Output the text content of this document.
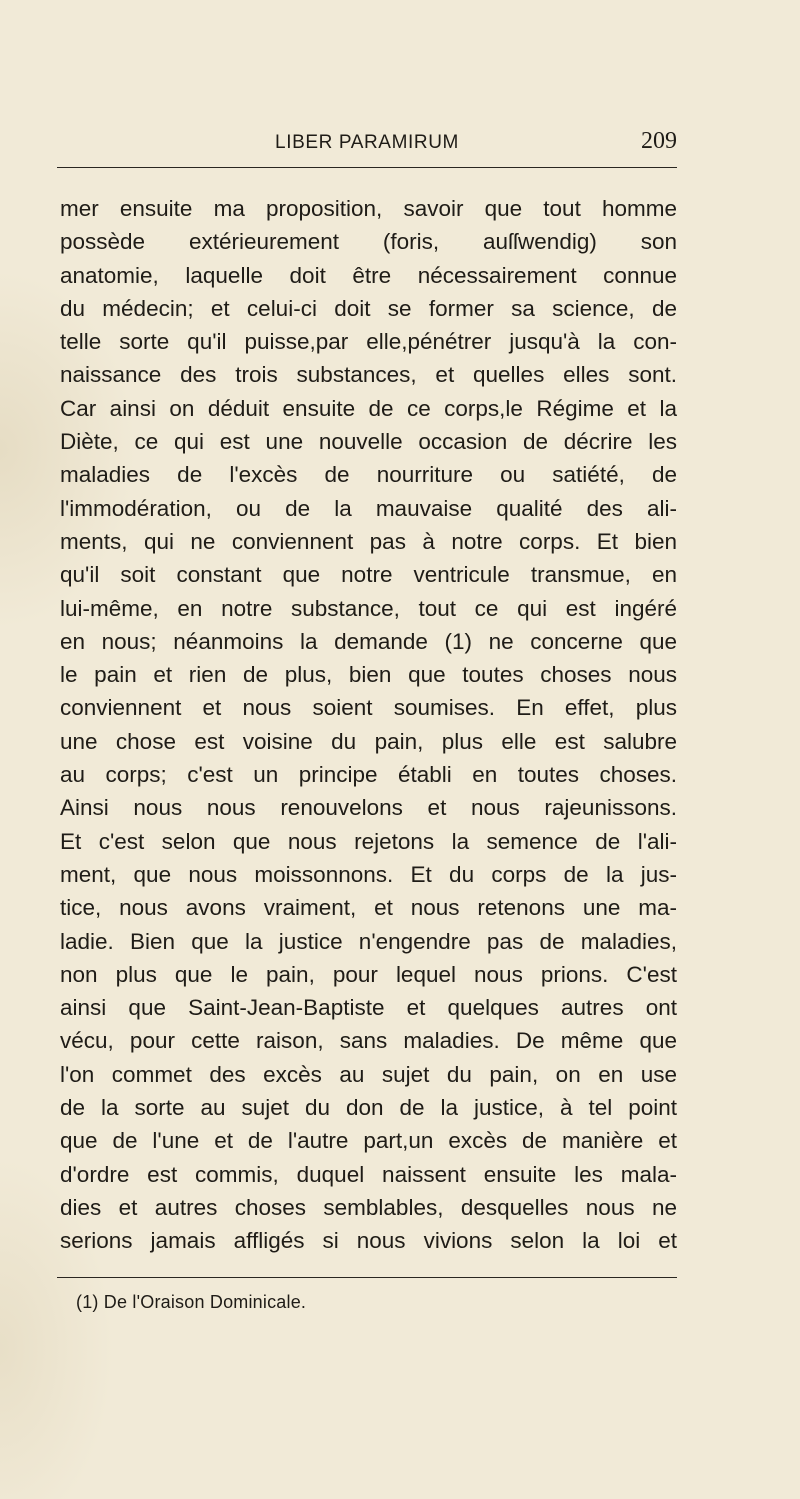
LIBER PARAMIRUM	209
mer ensuite ma proposition, savoir que tout homme
possède extérieurement (foris, auſſwendig) son
anatomie, laquelle doit être nécessairement connue
du médecin; et celui-ci doit se former sa science, de
telle sorte qu'il puisse,par elle,pénétrer jusqu'à la con-
naissance des trois substances, et quelles elles sont.
Car ainsi on déduit ensuite de ce corps,le Régime et la
Diète, ce qui est une nouvelle occasion de décrire les
maladies de l'excès de nourriture ou satiété, de
l'immodération, ou de la mauvaise qualité des ali-
ments, qui ne conviennent pas à notre corps. Et bien
qu'il soit constant que notre ventricule transmue, en
lui-même, en notre substance, tout ce qui est ingéré
en nous; néanmoins la demande (1) ne concerne que
le pain et rien de plus, bien que toutes choses nous
conviennent et nous soient soumises. En effet, plus
une chose est voisine du pain, plus elle est salubre
au corps; c'est un principe établi en toutes choses.
Ainsi nous nous renouvelons et nous rajeunissons.
Et c'est selon que nous rejetons la semence de l'ali-
ment, que nous moissonnons. Et du corps de la jus-
tice, nous avons vraiment, et nous retenons une ma-
ladie. Bien que la justice n'engendre pas de maladies,
non plus que le pain, pour lequel nous prions. C'est
ainsi que Saint-Jean-Baptiste et quelques autres ont
vécu, pour cette raison, sans maladies. De même que
l'on commet des excès au sujet du pain, on en use
de la sorte au sujet du don de la justice, à tel point
que de l'une et de l'autre part,un excès de manière et
d'ordre est commis, duquel naissent ensuite les mala-
dies et autres choses semblables, desquelles nous ne
serions jamais affligés si nous vivions selon la loi et
(1) De l'Oraison Dominicale.
